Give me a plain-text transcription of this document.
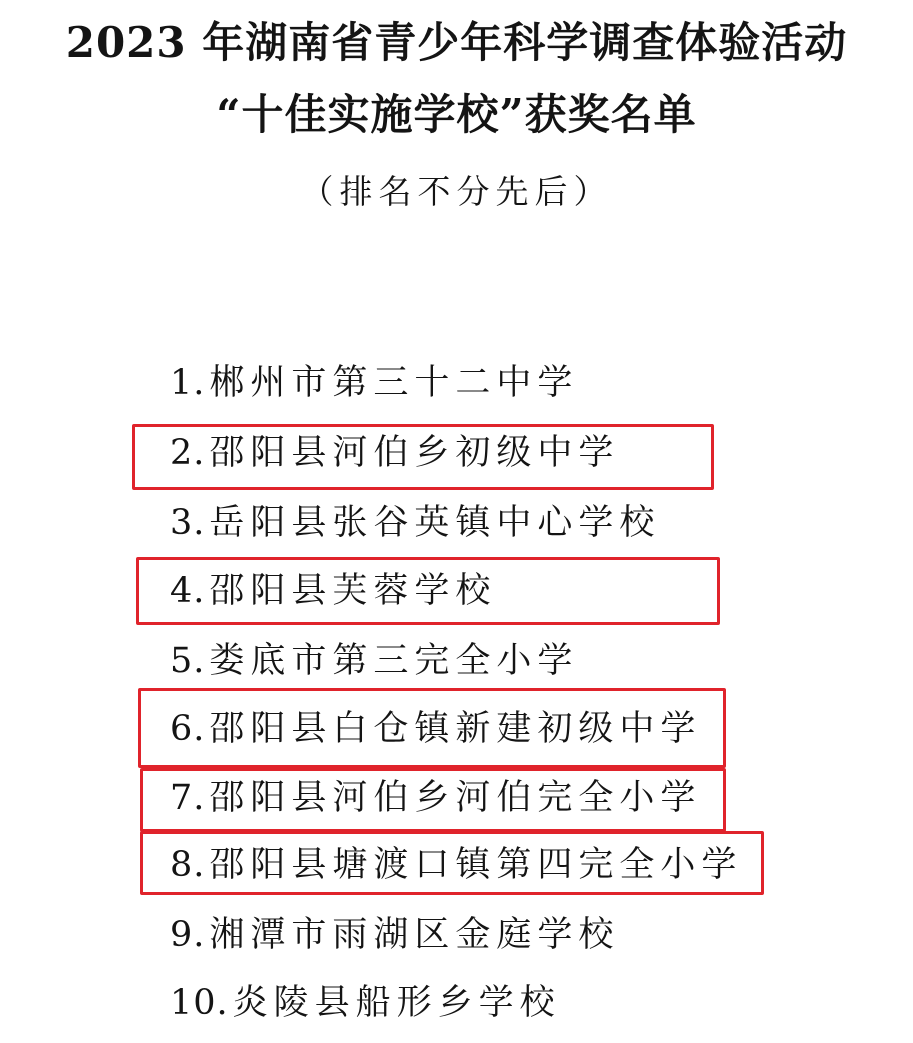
2023 年湖南省青少年科学调查体验活动
“十佳实施学校”获奖名单
（排名不分先后）
1. 郴州市第三十二中学
2. 邵阳县河伯乡初级中学
3. 岳阳县张谷英镇中心学校
4. 邵阳县芙蓉学校
5. 娄底市第三完全小学
6. 邵阳县白仓镇新建初级中学
7. 邵阳县河伯乡河伯完全小学
8. 邵阳县塘渡口镇第四完全小学
9. 湘潭市雨湖区金庭学校
10. 炎陵县船形乡学校
